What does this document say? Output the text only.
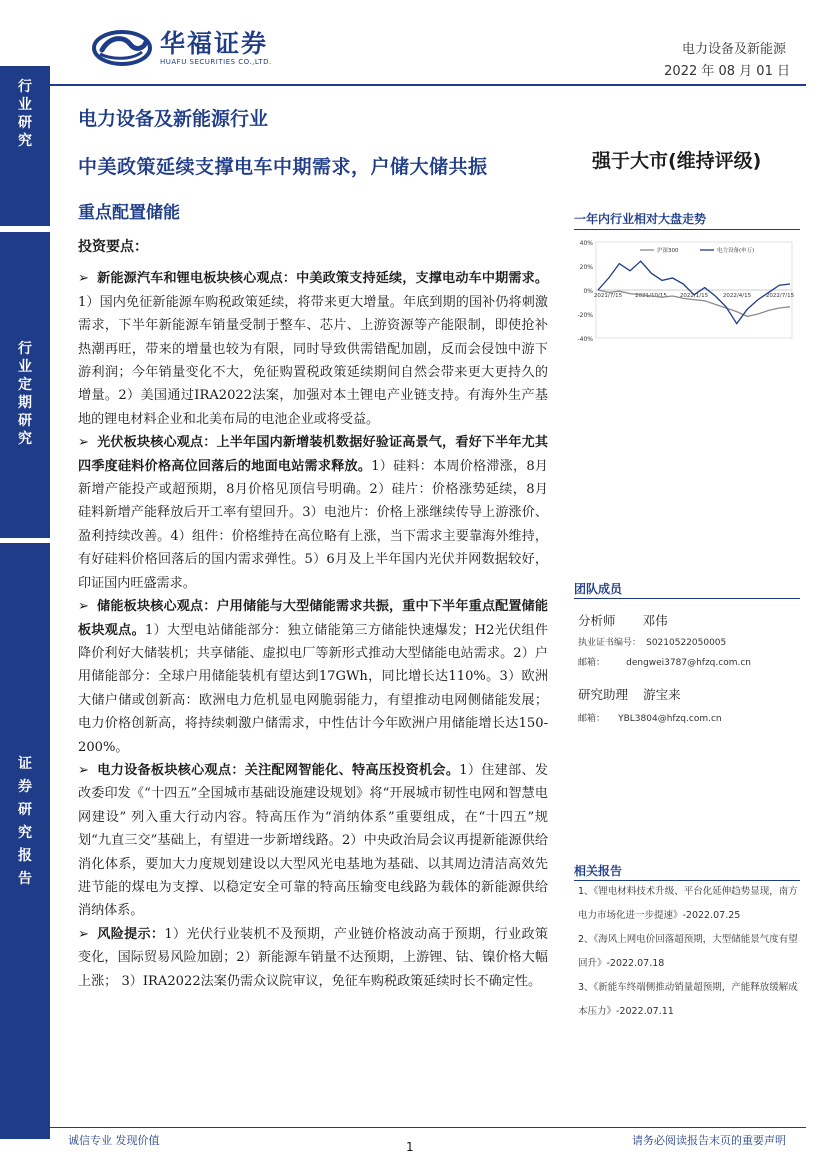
行
业
研
究
行
业
定
期
研
究
证
券
研
究
报
告
华福证券
HUAFU SECURITIES CO.,LTD.
电力设备及新能源
2022 年 08 月 01 日
电力设备及新能源行业
中美政策延续支撑电车中期需求，户储大储共振
重点配置储能
强于大市(维持评级)
投资要点：

➢ 新能源汽车和锂电板块核心观点：中美政策支持延续，支撑电动车中期需求。1）国内免征新能源车购税政策延续，将带来更大增量。年底到期的国补仍将刺激需求，下半年新能源车销量受制于整车、芯片、上游资源等产能限制，即使抢补热潮再旺，带来的增量也较为有限，同时导致供需错配加剧，反而会侵蚀中游下游利润；今年销量变化不大，免征购置税政策延续期间自然会带来更大更持久的增量。2）美国通过IRA2022法案，加强对本土锂电产业链支持。有海外生产基地的锂电材料企业和北美布局的电池企业或将受益。

➢ 光伏板块核心观点：上半年国内新增装机数据好验证高景气，看好下半年尤其四季度硅料价格高位回落后的地面电站需求释放。1）硅料：本周价格滞涨，8月新增产能投产或超预期，8月价格见顶信号明确。2）硅片：价格涨势延续，8月硅料新增产能释放后开工率有望回升。3）电池片：价格上涨继续传导上游涨价、盈利持续改善。4）组件：价格维持在高位略有上涨，当下需求主要靠海外维持，有好硅料价格回落后的国内需求弹性。5）6月及上半年国内光伏并网数据较好，印证国内旺盛需求。

➢ 储能板块核心观点：户用储能与大型储能需求共振，重中下半年重点配置储能板块观点。1）大型电站储能部分：独立储能第三方储能快速爆发；H2光伏组件降价利好大储装机；共享储能、虚拟电厂等新形式推动大型储能电站需求。2）户用储能部分：全球户用储能装机有望达到17GWh，同比增长达110%。3）欧洲大储户储或创新高：欧洲电力危机显电网脆弱能力，有望推动电网侧储能发展；电力价格创新高，将持续刺激户储需求，中性估计今年欧洲户用储能增长达150-200%。

➢ 电力设备板块核心观点：关注配网智能化、特高压投资机会。1）住建部、发改委印发《“十四五”全国城市基础设施建设规划》将“开展城市韧性电网和智慧电网建设” 列入重大行动内容。特高压作为“消纳体系”重要组成，在“十四五”规划“九直三交”基础上，有望进一步新增线路。2）中央政治局会议再提新能源供给消化体系，要加大力度规划建设以大型风光电基地为基础、以其周边清洁高效先进节能的煤电为支撑、以稳定安全可靠的特高压输变电线路为载体的新能源供给消纳体系。

➢ 风险提示：1）光伏行业装机不及预期，产业链价格波动高于预期，行业政策变化，国际贸易风险加剧；2）新能源车销量不达预期，上游锂、钴、镍价格大幅上涨； 3）IRA2022法案仍需众议院审议，免征车购税政策延续时长不确定性。

一年内行业相对大盘走势
40%
20%
0%
-20%
-40%
2021/7/15 2021/10/15 2022/1/15	2022/4/15	2022/7/15
沪深300	电力设备(申万)
团队成员
分析师 邓伟
执业证书编号： S0210522050005
邮箱： dengwei3787@hfzq.com.cn
研究助理 游宝来
邮箱： YBL3804@hfzq.com.cn
相关报告
1、《锂电材料技术升级、平台化延伸趋势显现，南方电力市场化进一步提速》-2022.07.25
2、《海风上网电价回落超预期，大型储能景气度有望回升》-2022.07.18
3、《新能车终端侧推动销量超预期，产能释放缓解成本压力》-2022.07.11
诚信专业 发现价值	1	请务必阅读报告末页的重要声明
